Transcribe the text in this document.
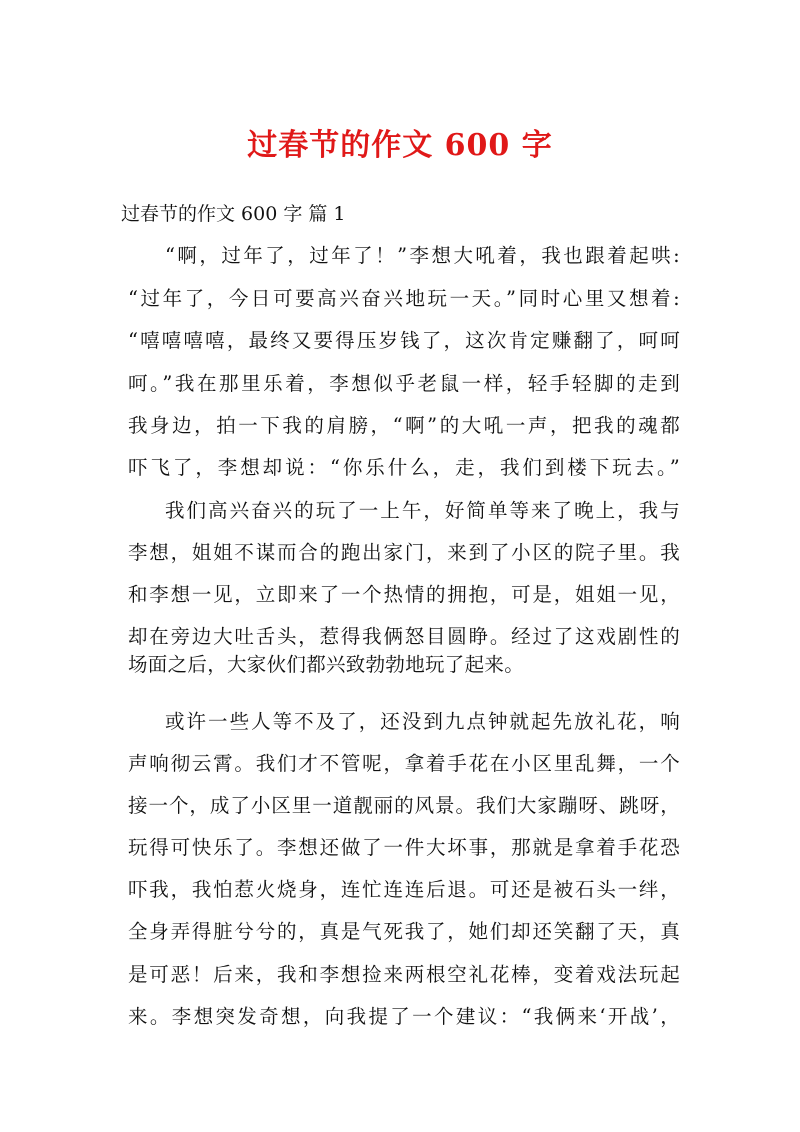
过春节的作文 600 字
过春节的作文 600 字 篇 1
“啊，过年了，过年了！”李想大吼着，我也跟着起哄:
“过年了，今日可要高兴奋兴地玩一天。”同时心里又想着:
“嘻嘻嘻嘻，最终又要得压岁钱了，这次肯定赚翻了，呵呵
呵。”我在那里乐着，李想似乎老鼠一样，轻手轻脚的走到
我身边，拍一下我的肩膀，“啊”的大吼一声，把我的魂都
吓飞了，李想却说：“你乐什么，走，我们到楼下玩去。”
我们高兴奋兴的玩了一上午，好简单等来了晚上，我与
李想，姐姐不谋而合的跑出家门，来到了小区的院子里。我
和李想一见，立即来了一个热情的拥抱，可是，姐姐一见，
却在旁边大吐舌头，惹得我俩怒目圆睁。经过了这戏剧性的
场面之后，大家伙们都兴致勃勃地玩了起来。
或许一些人等不及了，还没到九点钟就起先放礼花，响
声响彻云霄。我们才不管呢，拿着手花在小区里乱舞，一个
接一个，成了小区里一道靓丽的风景。我们大家蹦呀、跳呀，
玩得可快乐了。李想还做了一件大坏事，那就是拿着手花恐
吓我，我怕惹火烧身，连忙连连后退。可还是被石头一绊，
全身弄得脏兮兮的，真是气死我了，她们却还笑翻了天，真
是可恶！后来，我和李想捡来两根空礼花棒，变着戏法玩起
来。李想突发奇想，向我提了一个建议：“我俩来‘开战’，
